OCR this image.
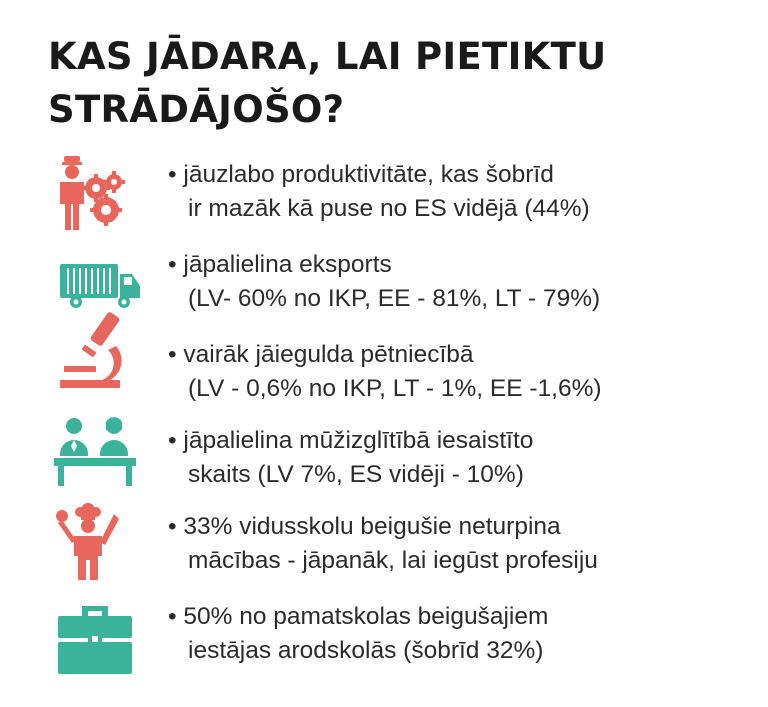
KAS JĀDARA, LAI PIETIKTU
STRĀDĀJOŠO?
• jāuzlabo produktivitāte, kas šobrīd
ir mazāk kā puse no ES vidējā (44%)
• jāpalielina eksports
(LV- 60% no IKP, EE - 81%, LT - 79%)
• vairāk jāiegulda pētniecībā
(LV - 0,6% no IKP, LT - 1%, EE -1,6%)
• jāpalielina mūžizglītībā iesaistīto
skaits (LV 7%, ES vidēji - 10%)
• 33% vidusskolu beigušie neturpina
mācības - jāpanāk, lai iegūst profesiju
• 50% no pamatskolas beigušajiem
iestājas arodskolās (šobrīd 32%)
